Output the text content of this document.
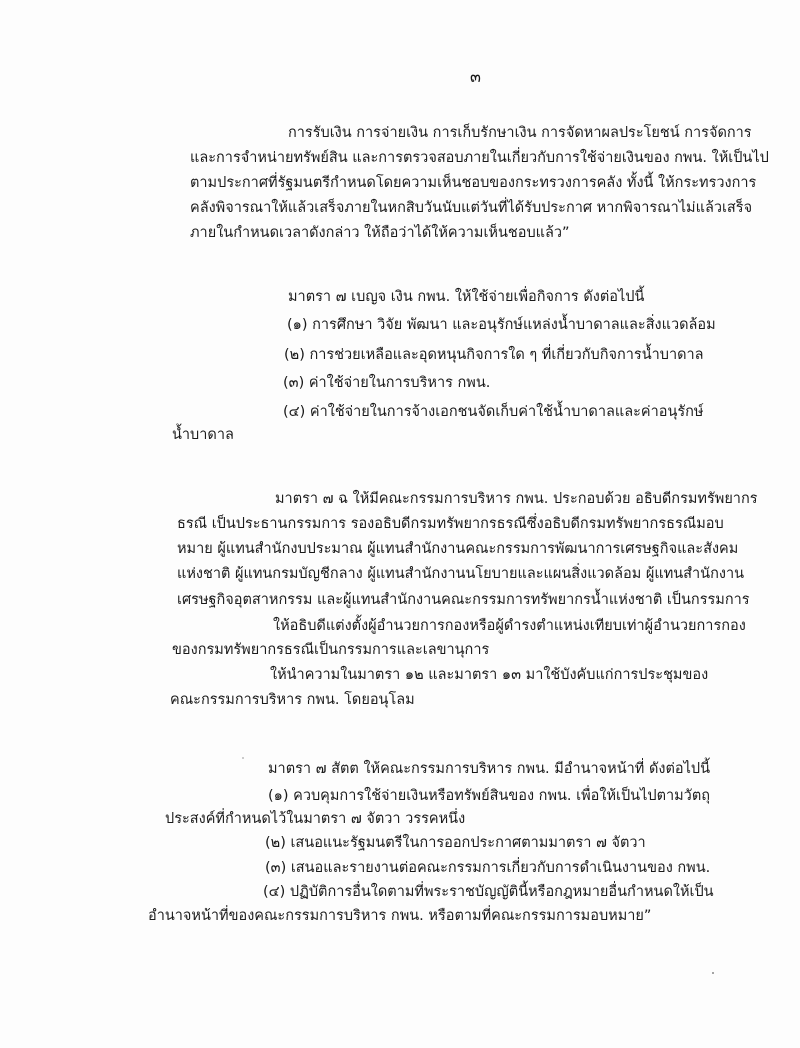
๓
การรับเงิน การจ่ายเงิน การเก็บรักษาเงิน การจัดหาผลประโยชน์ การจัดการ
และการจำหน่ายทรัพย์สิน และการตรวจสอบภายในเกี่ยวกับการใช้จ่ายเงินของ กพน. ให้เป็นไป
ตามประกาศที่รัฐมนตรีกำหนดโดยความเห็นชอบของกระทรวงการคลัง ทั้งนี้ ให้กระทรวงการ
คลังพิจารณาให้แล้วเสร็จภายในหกสิบวันนับแต่วันที่ได้รับประกาศ หากพิจารณาไม่แล้วเสร็จ
ภายในกำหนดเวลาดังกล่าว ให้ถือว่าได้ให้ความเห็นชอบแล้ว”
มาตรา ๗ เบญจ เงิน กพน. ให้ใช้จ่ายเพื่อกิจการ ดังต่อไปนี้
(๑) การศึกษา วิจัย พัฒนา และอนุรักษ์แหล่งน้ำบาดาลและสิ่งแวดล้อม
(๒) การช่วยเหลือและอุดหนุนกิจการใด ๆ ที่เกี่ยวกับกิจการน้ำบาดาล
(๓) ค่าใช้จ่ายในการบริหาร กพน.
(๔) ค่าใช้จ่ายในการจ้างเอกชนจัดเก็บค่าใช้น้ำบาดาลและค่าอนุรักษ์
น้ำบาดาล
มาตรา ๗ ฉ ให้มีคณะกรรมการบริหาร กพน. ประกอบด้วย อธิบดีกรมทรัพยากร
ธรณี เป็นประธานกรรมการ รองอธิบดีกรมทรัพยากรธรณีซึ่งอธิบดีกรมทรัพยากรธรณีมอบ
หมาย ผู้แทนสำนักงบประมาณ ผู้แทนสำนักงานคณะกรรมการพัฒนาการเศรษฐกิจและสังคม
แห่งชาติ ผู้แทนกรมบัญชีกลาง ผู้แทนสำนักงานนโยบายและแผนสิ่งแวดล้อม ผู้แทนสำนักงาน
เศรษฐกิจอุตสาหกรรม และผู้แทนสำนักงานคณะกรรมการทรัพยากรน้ำแห่งชาติ เป็นกรรมการ
ให้อธิบดีแต่งตั้งผู้อำนวยการกองหรือผู้ดำรงตำแหน่งเทียบเท่าผู้อำนวยการกอง
ของกรมทรัพยากรธรณีเป็นกรรมการและเลขานุการ
ให้นำความในมาตรา ๑๒ และมาตรา ๑๓ มาใช้บังคับแก่การประชุมของ
คณะกรรมการบริหาร กพน. โดยอนุโลม
มาตรา ๗ สัตต ให้คณะกรรมการบริหาร กพน. มีอำนาจหน้าที่ ดังต่อไปนี้
(๑) ควบคุมการใช้จ่ายเงินหรือทรัพย์สินของ กพน. เพื่อให้เป็นไปตามวัตถุ
ประสงค์ที่กำหนดไว้ในมาตรา ๗ จัตวา วรรคหนึ่ง
(๒) เสนอแนะรัฐมนตรีในการออกประกาศตามมาตรา ๗ จัตวา
(๓) เสนอและรายงานต่อคณะกรรมการเกี่ยวกับการดำเนินงานของ กพน.
(๔) ปฏิบัติการอื่นใดตามที่พระราชบัญญัตินี้หรือกฎหมายอื่นกำหนดให้เป็น
อำนาจหน้าที่ของคณะกรรมการบริหาร กพน. หรือตามที่คณะกรรมการมอบหมาย”
